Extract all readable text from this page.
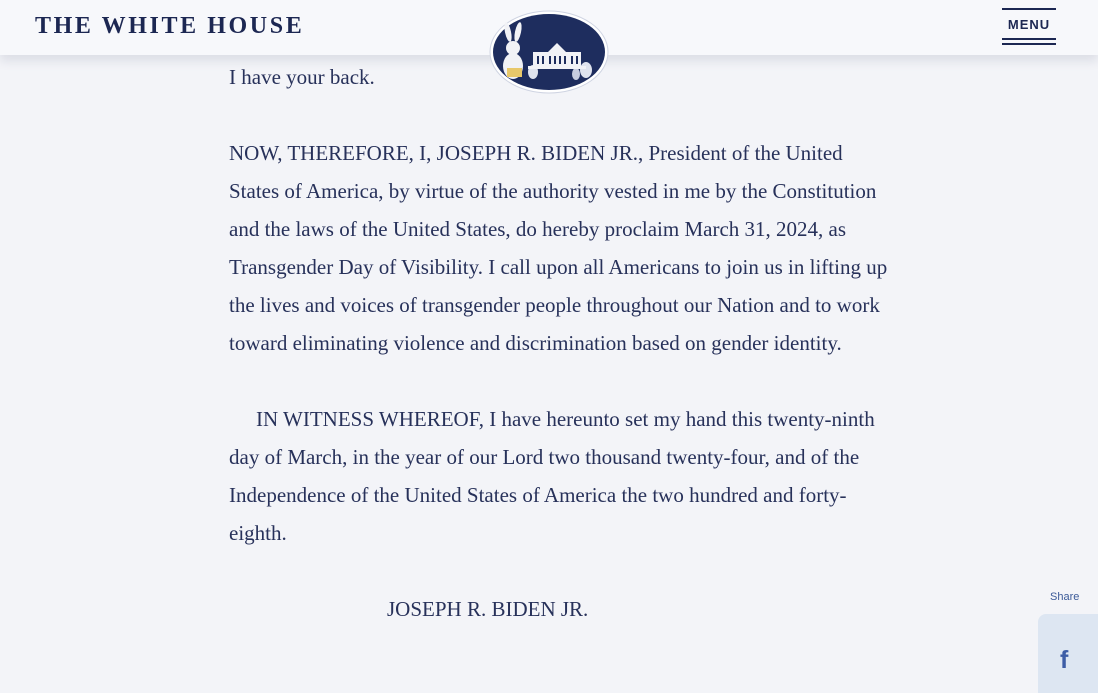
THE WHITE HOUSE	MENU

I have your back.

NOW, THEREFORE, I, JOSEPH R. BIDEN JR., President of the United States of America, by virtue of the authority vested in me by the Constitution and the laws of the United States, do hereby proclaim March 31, 2024, as Transgender Day of Visibility. I call upon all Americans to join us in lifting up the lives and voices of transgender people throughout our Nation and to work toward eliminating violence and discrimination based on gender identity.

IN WITNESS WHEREOF, I have hereunto set my hand this twenty-ninth day of March, in the year of our Lord two thousand twenty-four, and of the Independence of the United States of America the two hundred and forty-eighth.

JOSEPH R. BIDEN JR.	Share
f
